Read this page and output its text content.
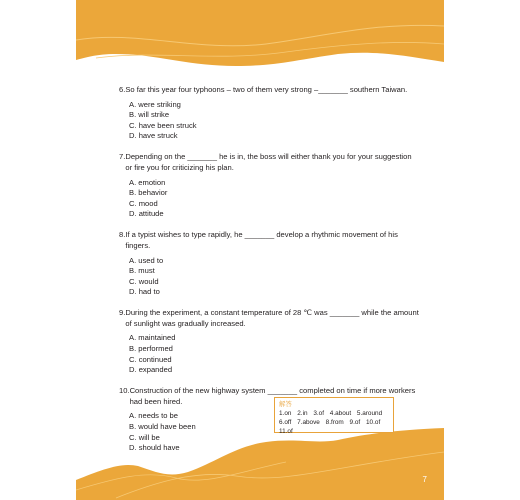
6. So far this year four typhoons – two of them very strong –_______ southern Taiwan.
A. were striking
B. will strike
C. have been struck
D. have struck
7. Depending on the _______ he is in, the boss will either thank you for your suggestion or fire you for criticizing his plan.
A. emotion
B. behavior
C. mood
D. attitude
8. If a typist wishes to type rapidly, he _______ develop a rhythmic movement of his fingers.
A. used to
B. must
C. would
D. had to
9. During the experiment, a constant temperature of 28 ℃ was _______ while the amount of sunlight was gradually increased.
A. maintained
B. performed
C. continued
D. expanded
10. Construction of the new highway system _______ completed on time if more workers had been hired.
A. needs to be
B. would have been
C. will be
D. should have
解答
1.on 2.in 3.of 4.about 5.around
6.off 7.above 8.from 9.of 10.of 11.of
7
